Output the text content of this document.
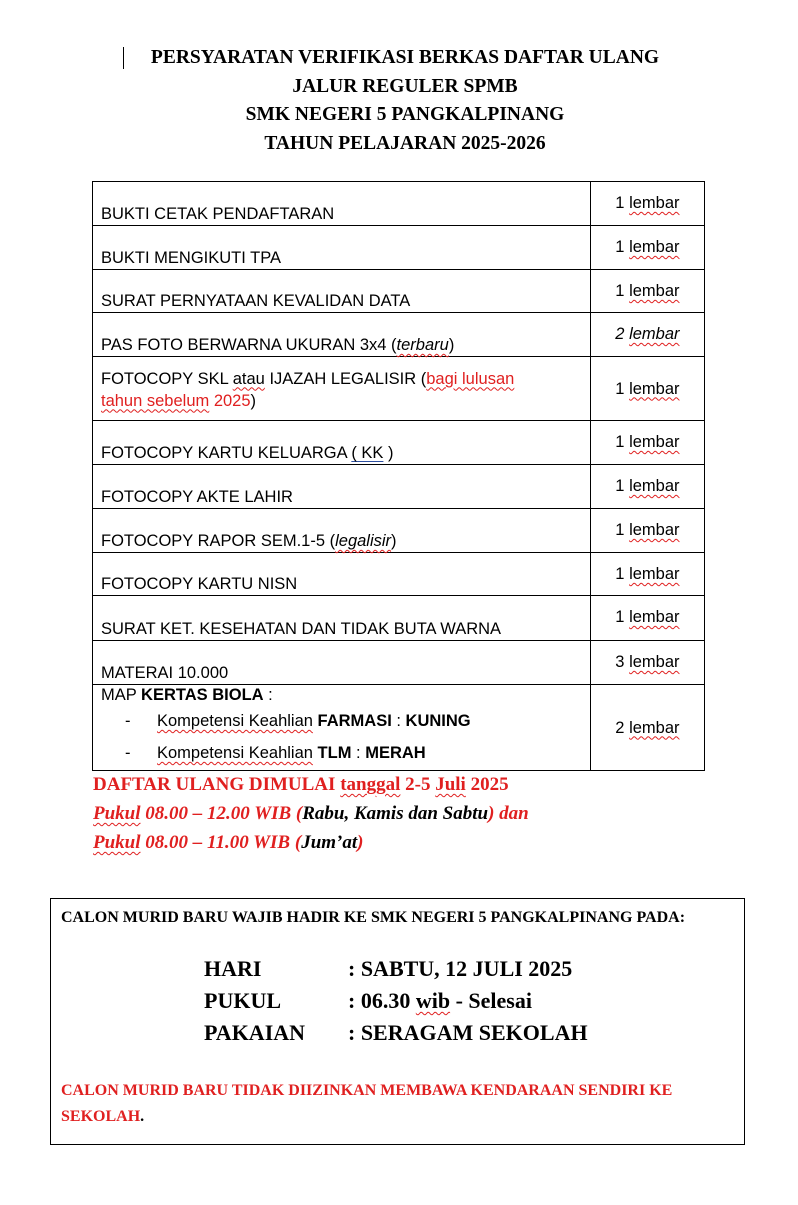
PERSYARATAN VERIFIKASI BERKAS DAFTAR ULANG
JALUR REGULER SPMB
SMK NEGERI 5 PANGKALPINANG
TAHUN PELAJARAN 2025-2026
BUKTI CETAK PENDAFTARAN	1 lembar
BUKTI MENGIKUTI TPA	1 lembar
SURAT PERNYATAAN KEVALIDAN DATA	1 lembar
PAS FOTO BERWARNA UKURAN 3x4 (terbaru)	2 lembar

FOTOCOPY SKL atau IJAZAH LEGALISIR (bagi lulusan
tahun sebelum 2025)	1 lembar
FOTOCOPY KARTU KELUARGA ( KK )	1 lembar
FOTOCOPY AKTE LAHIR	1 lembar
FOTOCOPY RAPOR SEM.1-5 (legalisir)	1 lembar
FOTOCOPY KARTU NISN	1 lembar
SURAT KET. KESEHATAN DAN TIDAK BUTA WARNA	1 lembar
MATERAI 10.000	3 lembar

MAP KERTAS BIOLA :
- Kompetensi Keahlian FARMASI : KUNING
- Kompetensi Keahlian TLM : MERAH	2 lembar
DAFTAR ULANG DIMULAI tanggal 2-5 Juli 2025
Pukul 08.00 – 12.00 WIB (Rabu, Kamis dan Sabtu) dan
Pukul 08.00 – 11.00 WIB (Jum’at)
CALON MURID BARU WAJIB HADIR KE SMK NEGERI 5 PANGKALPINANG PADA:
HARI	: SABTU, 12 JULI 2025
PUKUL	: 06.30 wib - Selesai
PAKAIAN	: SERAGAM SEKOLAH
CALON MURID BARU TIDAK DIIZINKAN MEMBAWA KENDARAAN SENDIRI KE SEKOLAH.
